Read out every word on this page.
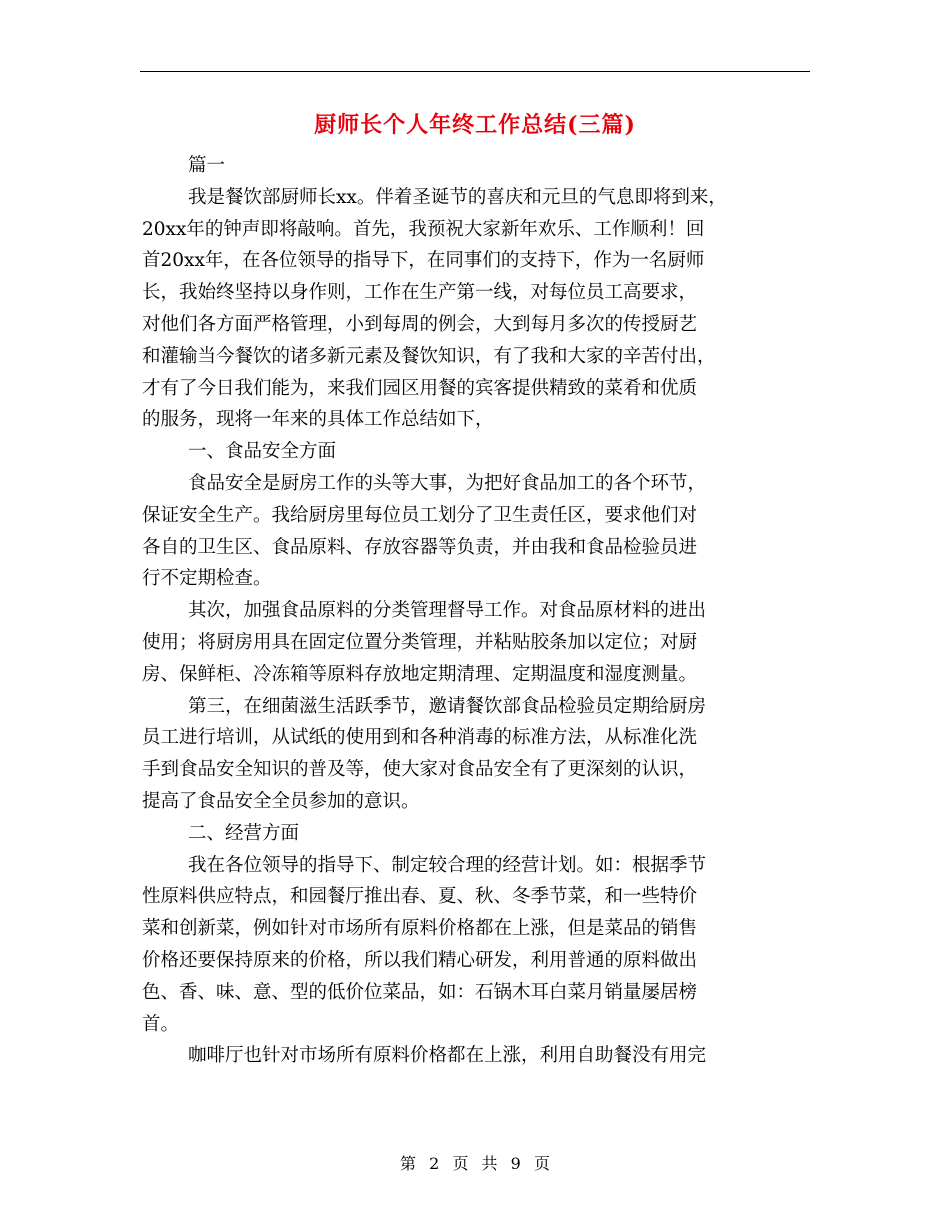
厨师长个人年终工作总结(三篇)
篇一
我是餐饮部厨师长xx。伴着圣诞节的喜庆和元旦的气息即将到来，
20xx年的钟声即将敲响。首先，我预祝大家新年欢乐、工作顺利！回
首20xx年，在各位领导的指导下，在同事们的支持下，作为一名厨师
长，我始终坚持以身作则，工作在生产第一线，对每位员工高要求，
对他们各方面严格管理，小到每周的例会，大到每月多次的传授厨艺
和灌输当今餐饮的诸多新元素及餐饮知识，有了我和大家的辛苦付出，
才有了今日我们能为，来我们园区用餐的宾客提供精致的菜肴和优质
的服务，现将一年来的具体工作总结如下，
一、食品安全方面
食品安全是厨房工作的头等大事，为把好食品加工的各个环节，
保证安全生产。我给厨房里每位员工划分了卫生责任区，要求他们对
各自的卫生区、食品原料、存放容器等负责，并由我和食品检验员进
行不定期检查。
其次，加强食品原料的分类管理督导工作。对食品原材料的进出
使用；将厨房用具在固定位置分类管理，并粘贴胶条加以定位；对厨
房、保鲜柜、冷冻箱等原料存放地定期清理、定期温度和湿度测量。
第三，在细菌滋生活跃季节，邀请餐饮部食品检验员定期给厨房
员工进行培训，从试纸的使用到和各种消毒的标准方法，从标准化洗
手到食品安全知识的普及等，使大家对食品安全有了更深刻的认识，
提高了食品安全全员参加的意识。
二、经营方面
我在各位领导的指导下、制定较合理的经营计划。如：根据季节
性原料供应特点，和园餐厅推出春、夏、秋、冬季节菜，和一些特价
菜和创新菜，例如针对市场所有原料价格都在上涨，但是菜品的销售
价格还要保持原来的价格，所以我们精心研发，利用普通的原料做出
色、香、味、意、型的低价位菜品，如：石锅木耳白菜月销量屡居榜
首。
咖啡厅也针对市场所有原料价格都在上涨，利用自助餐没有用完
第 2 页 共 9 页
